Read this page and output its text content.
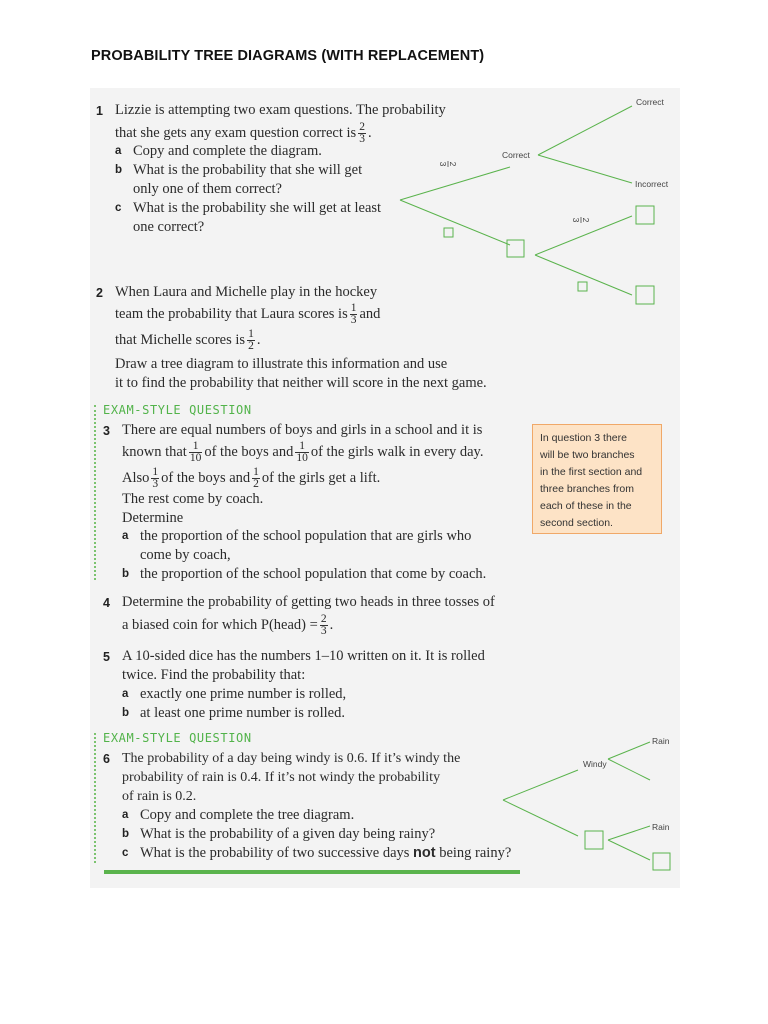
PROBABILITY TREE DIAGRAMS (WITH REPLACEMENT)
1 Lizzie is attempting two exam questions. The probability
that she gets any exam question correct is $\frac{2}{3}$ .
a Copy and complete the diagram.
b What is the probability that she will get
only one of them correct?
c What is the probability she will get at least
one correct?
2 When Laura and Michelle play in the hockey
team the probability that Laura scores is $\frac{1}{3}$ and
that Michelle scores is $\frac{1}{2}$ .
Draw a tree diagram to illustrate this information and use
it to find the probability that neither will score in the next game.
EXAM-STYLE QUESTION
3 There are equal numbers of boys and girls in a school and it is
known that $\frac{1}{10}$ of the boys and $\frac{1}{10}$ of the girls walk in every day.
Also $\frac{1}{3}$ of the boys and $\frac{1}{2}$ of the girls get a lift.
The rest come by coach.
Determine
a the proportion of the school population that are girls who
come by coach,
b the proportion of the school population that come by coach.
In question 3 there
will be two branches
in the first section and
three branches from
each of these in the
second section.
4 Determine the probability of getting two heads in three tosses of
a biased coin for which P(head) = $\frac{2}{3}$ .
5 A 10-sided dice has the numbers 1–10 written on it. It is rolled
twice. Find the probability that:
a exactly one prime number is rolled,
b at least one prime number is rolled.
EXAM-STYLE QUESTION
6 The probability of a day being windy is 0.6. If it’s windy the
probability of rain is 0.4. If it’s not windy the probability
of rain is 0.2.
a Copy and complete the tree diagram.
b What is the probability of a given day being rainy?
c What is the probability of two successive days not being rainy?
Correct
Correct
Incorrect
2
3
2
3
Windy
Rain
Rain
